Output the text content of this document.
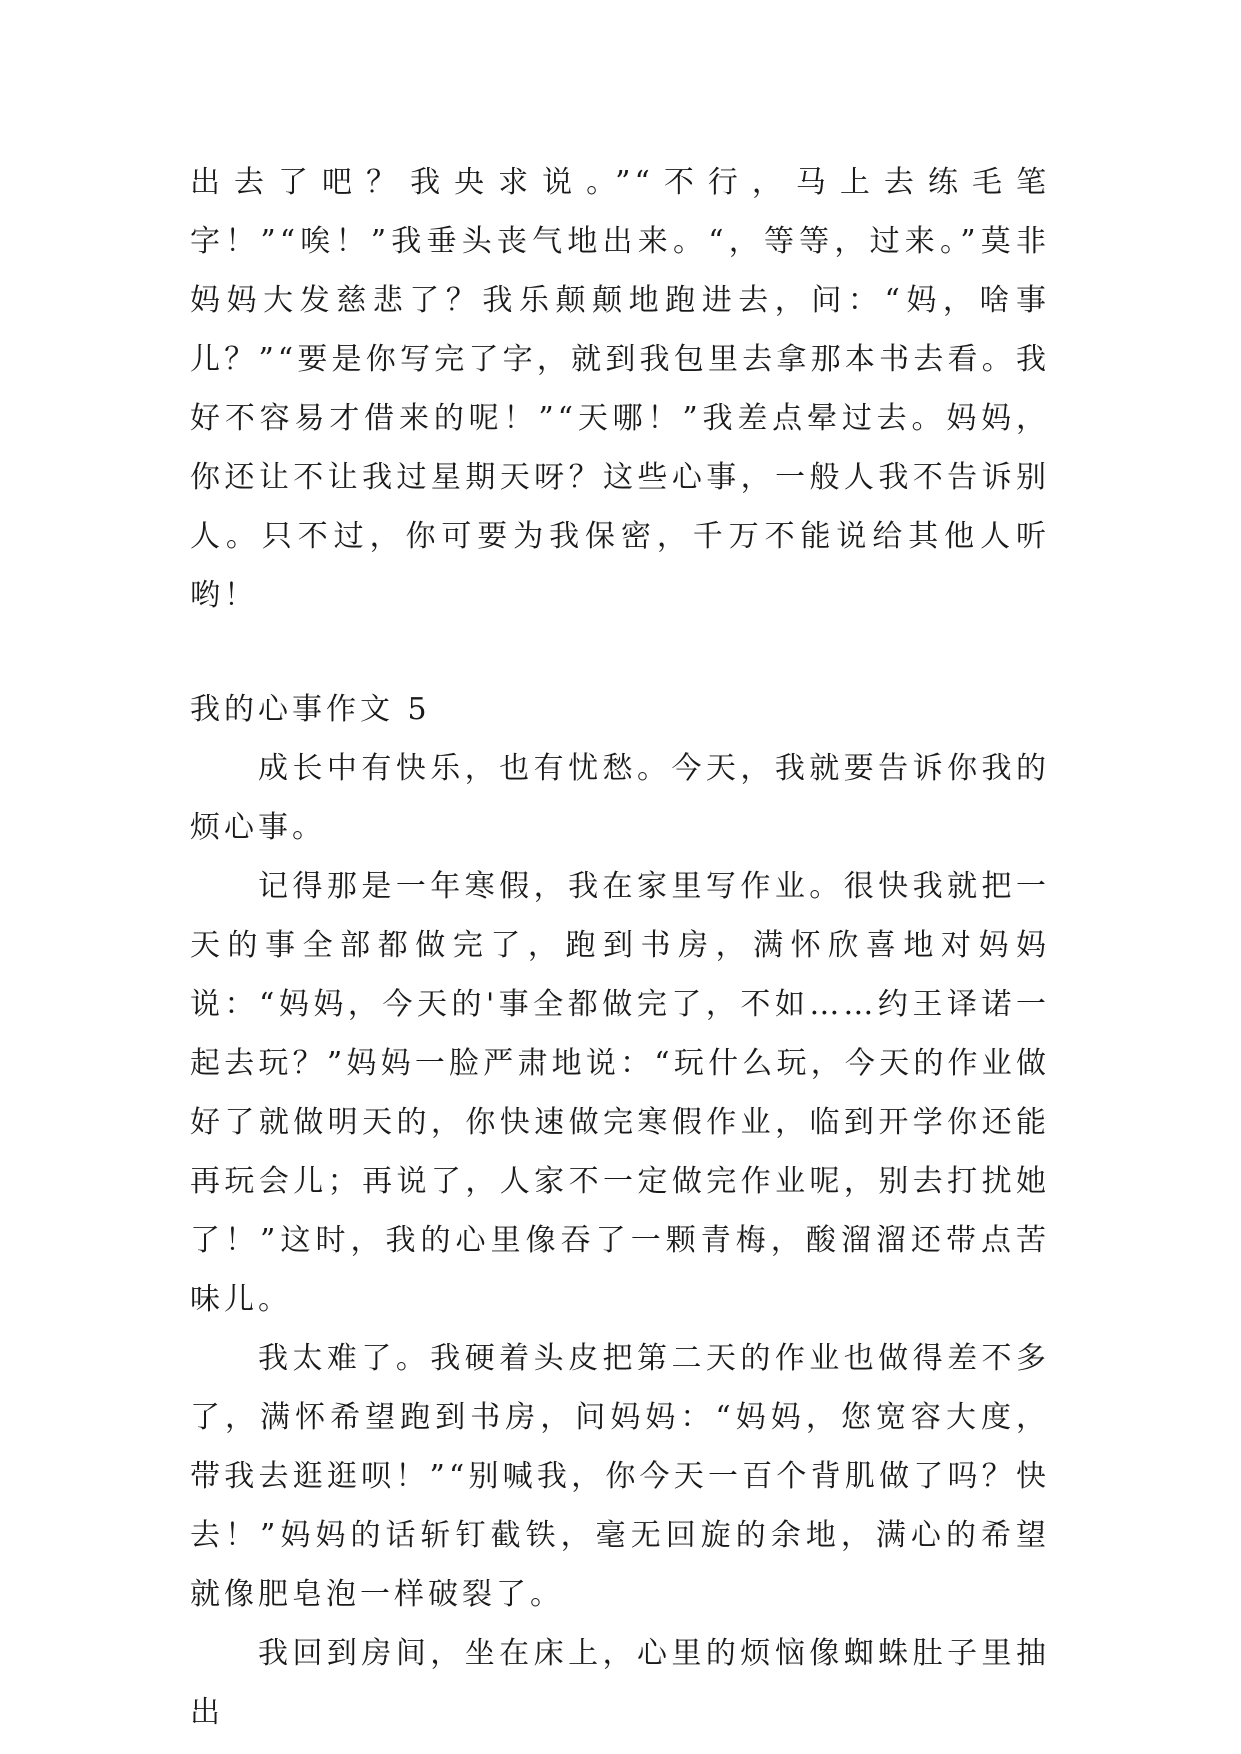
出去了吧？我央求说。”“不行，马上去练毛笔字！”“唉！”我垂头丧气地出来。“，等等，过来。”莫非妈妈大发慈悲了？我乐颠颠地跑进去，问：“妈，啥事儿？”“要是你写完了字，就到我包里去拿那本书去看。我好不容易才借来的呢！”“天哪！”我差点晕过去。妈妈，你还让不让我过星期天呀？这些心事，一般人我不告诉别人。只不过，你可要为我保密，千万不能说给其他人听哟！

我的心事作文 5

成长中有快乐，也有忧愁。今天，我就要告诉你我的烦心事。

记得那是一年寒假，我在家里写作业。很快我就把一天的事全部都做完了，跑到书房，满怀欣喜地对妈妈说：“妈妈，今天的'事全都做完了，不如……约王译诺一起去玩？”妈妈一脸严肃地说：“玩什么玩，今天的作业做好了就做明天的，你快速做完寒假作业，临到开学你还能再玩会儿；再说了，人家不一定做完作业呢，别去打扰她了！”这时，我的心里像吞了一颗青梅，酸溜溜还带点苦味儿。

我太难了。我硬着头皮把第二天的作业也做得差不多了，满怀希望跑到书房，问妈妈：“妈妈，您宽容大度，带我去逛逛呗！”“别喊我，你今天一百个背肌做了吗？快去！”妈妈的话斩钉截铁，毫无回旋的余地，满心的希望就像肥皂泡一样破裂了。

我回到房间，坐在床上，心里的烦恼像蜘蛛肚子里抽出
